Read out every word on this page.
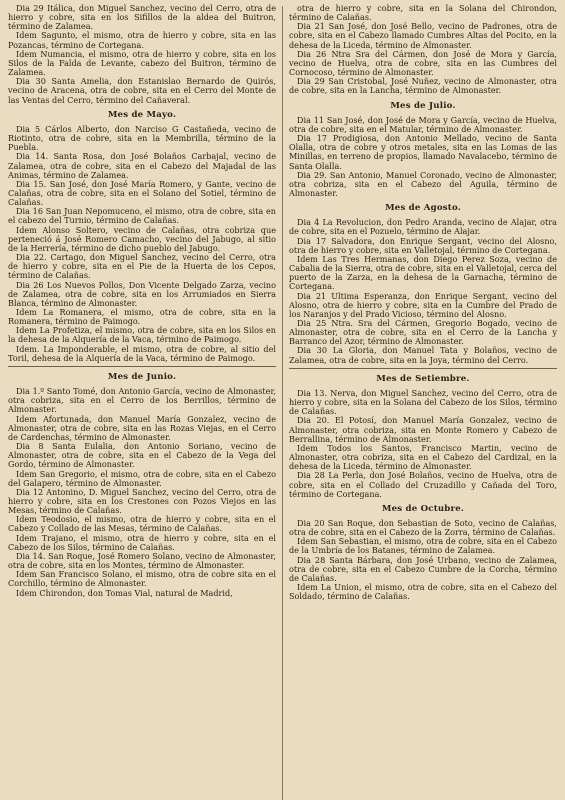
Dia 29 Itálica, don Miguel Sanchez, vecino del Cerro, otra de hierro y cobre, sita en los Sifillos de la aldea del Buitron, término de Zalamea.

Idem Sagunto, el mismo, otra de hierro y cobre, sita en las Pozancas, término de Cortegana.

Idem Numancia, el mismo, otra de hierro y cobre, sita en los Silos de la Falda de Levante, cabezo del Buitron, término de Zalamea.

Dia 30 Santa Amelia, don Estanislao Bernardo de Quirós, vecino de Aracena, otra de cobre, sita en el Cerro del Monte de las Ventas del Cerro, término del Cañaveral.

Mes de Mayo.

Dia 5 Cárlos Alberto, don Narciso G Castañeda, vecino de Riotinto, otra de cobre, sita en la Membrilla, término de la Puebla.

Dia 14. Santa Rosa, don José Bolaños Carbajal, vecino de Zalamea, otra de cobre, sita en el Cabezo del Majadal de las Animas, término de Zalamea.

Dia 15. San José, don José María Romero, y Gante, vecino de Calañas, otra de cobre, sita en el Solano del Sotiel, término de Calañas.

Dia 16 San Juan Nepomuceno, el mismo, otra de cobre, sita en el cabezo del Turnio, término de Calañas.

Idem Alonso Soltero, vecino de Calañas, otra cobriza que perteneció á José Romero Camacho, vecino del Jabugo, al sitio de la Herrería, término de dicho pueblo del Jabugo.

Dia 22. Cartago, don Miguel Sanchez, vecino del Cerro, otra de hierro y cobre, sita en el Pie de la Huerta de los Cepos, término de Calañas.

Dia 26 Los Nuevos Pollos, Don Vicente Delgado Zarza, vecino de Zalamea, otra de cobre, sita en los Arrumiados en Sierra Blanca, término de Almonaster.

Idem La Romanera, el mismo, otra de cobre, sita en la Romanera, término de Paimogo.

Idem La Profetiza, el mismo, otra de cobre, sita en los Silos en la dehesa de la Alquería de la Vaca, término de Paimogo.

Idem. La Imponderable, el mismo, otra de cobre, al sitio del Toril, dehesa de la Alquería de la Vaca, término de Paimogo.

Mes de Junio.

Dia 1.º Santo Tomé, don Antonio García, vecino de Almonaster, otra cobriza, sita en el Cerro de los Berrillos, término de Almonaster.

Idem Afortunada, don Manuel María Gonzalez, vecino de Almonaster, otra de cobre, sita en las Rozas Viejas, en el Cerro de Cardenchas, término de Almonaster.

Dia 8 Santa Eulalia, don Antonio Soriano, vecino de Almonaster, otra de cobre, sita en el Cabezo de la Vega del Gordo, término de Almonaster.

Idem San Gregorio, el mismo, otra de cobre, sita en el Cabezo del Galapero, término de Almonaster.

Dia 12 Antonino, D. Miguel Sanchez, vecino del Cerro, otra de hierro y cobre, sita en los Crestones con Pozos Viejos en las Mesas, término de Calañas.

Idem Teodosio, el mismo, otra de hierro y cobre, sita en el Cabezo y Collado de las Mesas, término de Calañas.

Idem Trajano, el mismo, otra de hierro y cobre, sita en el Cabezo de los Silos, término de Calañas.

Dia 14. San Roque, José Romero Solano, vecino de Almonaster, otra de cobre, sita en los Montes, término de Almonaster.

Idem San Francisco Solano, el mismo, otra de cobre sita en el Corchillo, término de Almonaster.

Idem Chirondon, don Tomas Vial, natural de Madrid,

otra de hierro y cobre, sita en la Solana del Chirondon, término de Calañas.

Dia 21 San José, don José Bello, vecino de Padrones, otra de cobre, sita en el Cabezo llamado Cumbres Altas del Pocito, en la dehesa de la Liceda, término de Almonaster.

Dia 26 Ntra Sra del Cármen, don José de Mora y García, vecino de Huelva, otra de cobre, sita en las Cumbres del Cornocoso, término de Almonaster.

Dia 29 San Cristobal, José Nuñez, vecino de Almonaster, otra de cobre, sita en la Lancha, término de Almonaster.

Mes de Julio.

Dia 11 San José, don José de Mora y García, vecino de Huelva, otra de cobre, sita en el Matular, término de Almonaster.

Dia 17 Prodigiosa, don Antonio Mellado, vecino de Santa Olalla, otra de cobre y otros metales, sita en las Lomas de las Minillas, en terreno de propios, llamado Navalacebo, término de Santa Olalla.

Dia 29. San Antonio, Manuel Coronado, vecino de Almonaster, otra cobriza, sita en el Cabezo del Aguila, término de Almonaster.

Mes de Agosto.

Dia 4 La Revolucion, don Pedro Aranda, vecino de Alajar, otra de cobre, sita en el Pozuelo, término de Alajar.

Dia 17 Salvadora, don Enrique Sergant, vecino del Alosno, otra de hierro y cobre, sita en Valletojal, término de Cortegana.

Idem Las Tres Hermanas, don Diego Perez Soza, vecino de Cabalia de la Sierra, otra de cobre, sita en el Valletojal, cerca del puerto de la Zarza, en la dehesa de la Garnacha, término de Cortegana.

Dia 21 Ultima Esperanza, don Enrique Sergant, vecino del Alosno, otra de hierro y cobre, sita en la Cumbre del Prado de los Naranjos y del Prado Vicioso, término del Alosno.

Dia 25 Ntra. Sra del Cármen, Gregorio Bogado, vecino de Almonaster, otra de cobre, sita en el Cerro de la Lancha y Barranco del Azor, término de Almonaster.

Dia 30 La Gloria, don Manuel Tata y Bolaños, vecino de Zalamea, otra de cobre, sita en la Joya, término del Cerro.

Mes de Setiembre.

Dia 13. Nerva, don Miguel Sanchez, vecino del Cerro, otra de hierro y cobre, sita en la Solana del Cabezo de los Silos, término de Calañas.

Dia 20. El Potosí, don Manuel María Gonzalez, vecino de Almonaster, otra cobriza, sita en Monte Romero y Cabezo de Berrallina, término de Almonaster.

Idem Todos los Santos, Francisco Martin, vecino de Almonaster, otra cobriza, sita en el Cabezo del Cardizal, en la dehesa de la Liceda, término de Almonaster.

Dia 28 La Perla, don José Bolaños, vecino de Huelva, otra de cobre, sita en el Collado del Cruzadillo y Cañada del Toro, término de Cortegana.

Mes de Octubre.

Dia 20 San Roque, don Sebastian de Soto, vecino de Calañas, otra de cobre, sita en el Cabezo de la Zorra, término de Calañas.

Idem San Sebastian, el mismo, otra de cobre, sita en el Cabezo de la Umbría de los Batanes, término de Zalamea.

Dia 28 Santa Bárbara, don José Urbano, vecino de Zalamea, otra de cobre, sita en el Cabezo Cumbre de la Corcha, término de Calañas.

Idem La Union, el mismo, otra de cobre, sita en el Cabezo del Soldado, término de Calañas.
